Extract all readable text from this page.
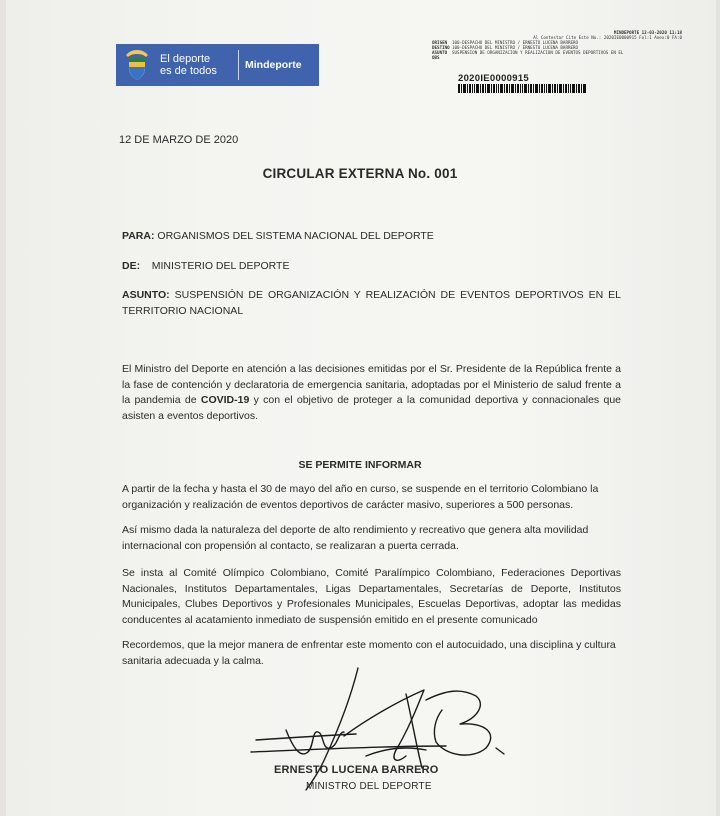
El deporte
es de todos	Mindeporte
MINDEPORTE 12-03-2020 11:18
Al Contestar Cite Este No.: 2020IE0000915 Fol:1 Anex:0 FA:0
ORIGEN 100-DESPACHO DEL MINISTRO / ERNESTO LUCENA BARRERO
DESTINO 100-DESPACHO DEL MINISTRO / ERNESTO LUCENA BARRERO
ASUNTO SUSPENSION DE ORGANIZACION Y REALIZACION DE EVENTOS DEPORTIVOS EN EL
OBS
2020IE0000915
12 DE MARZO DE 2020
CIRCULAR EXTERNA No. 001
PARA: ORGANISMOS DEL SISTEMA NACIONAL DEL DEPORTE
DE: MINISTERIO DEL DEPORTE
ASUNTO: SUSPENSIÓN DE ORGANIZACIÓN Y REALIZACIÓN DE EVENTOS DEPORTIVOS EN EL TERRITORIO NACIONAL
El Ministro del Deporte en atención a las decisiones emitidas por el Sr. Presidente de la República frente a la fase de contención y declaratoria de emergencia sanitaria, adoptadas por el Ministerio de salud frente a la pandemia de COVID-19 y con el objetivo de proteger a la comunidad deportiva y connacionales que asisten a eventos deportivos.
SE PERMITE INFORMAR
A partir de la fecha y hasta el 30 de mayo del año en curso, se suspende en el territorio Colombiano la organización y realización de eventos deportivos de carácter masivo, superiores a 500 personas.
Así mismo dada la naturaleza del deporte de alto rendimiento y recreativo que genera alta movilidad internacional con propensión al contacto, se realizaran a puerta cerrada.
Se insta al Comité Olímpico Colombiano, Comité Paralímpico Colombiano, Federaciones Deportivas Nacionales, Institutos Departamentales, Ligas Departamentales, Secretarías de Deporte, Institutos Municipales, Clubes Deportivos y Profesionales Municipales, Escuelas Deportivas, adoptar las medidas conducentes al acatamiento inmediato de suspensión emitido en el presente comunicado
Recordemos, que la mejor manera de enfrentar este momento con el autocuidado, una disciplina y cultura sanitaria adecuada y la calma.
ERNESTO LUCENA BARRERO
MINISTRO DEL DEPORTE
